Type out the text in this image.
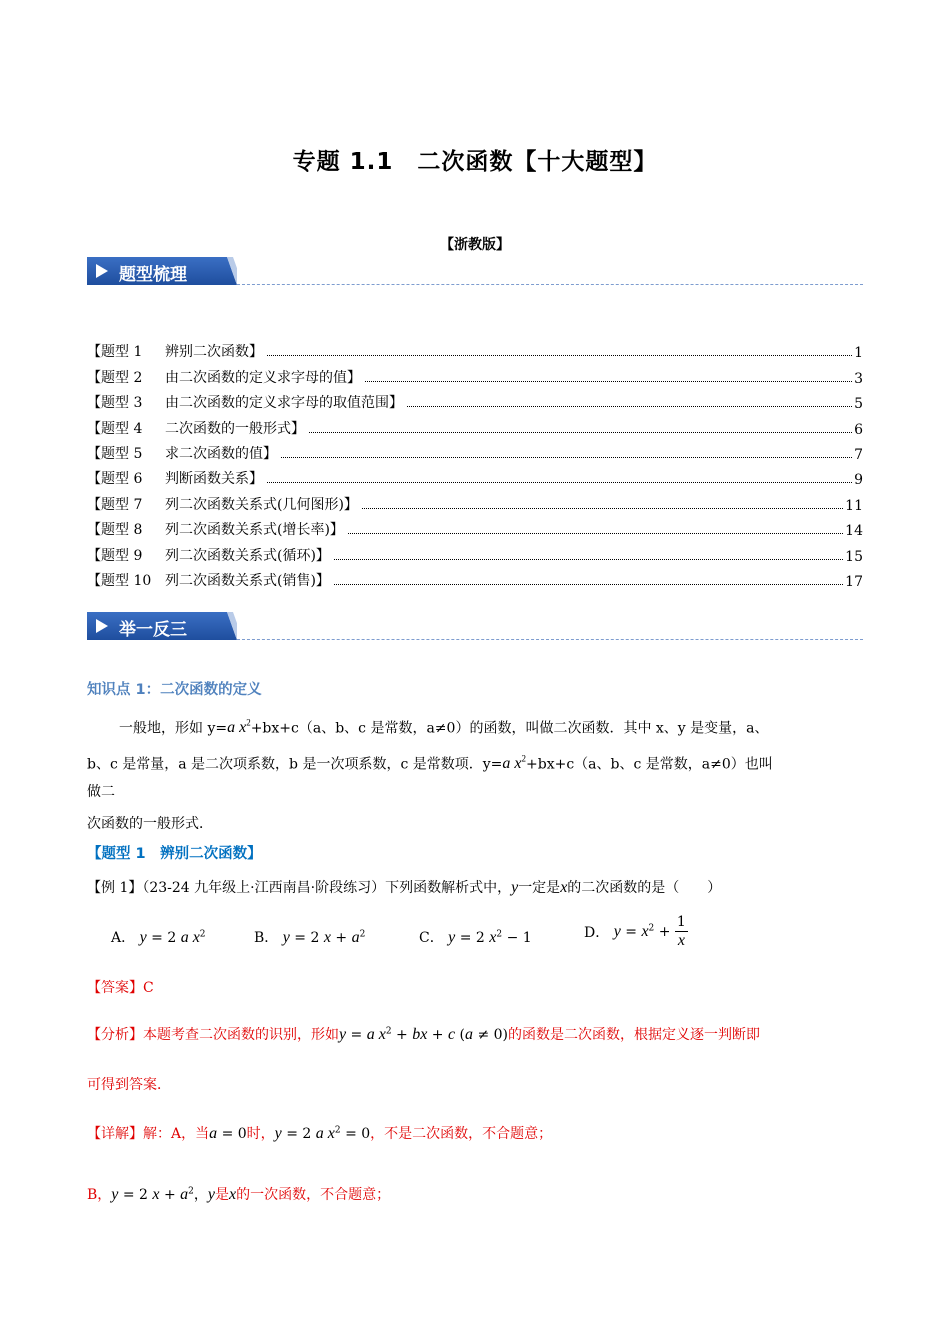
专题 1.1　二次函数【十大题型】
【浙教版】
题型梳理
【题型 1	辨别二次函数】	1
【题型 2	由二次函数的定义求字母的值】	3
【题型 3	由二次函数的定义求字母的取值范围】	5
【题型 4	二次函数的一般形式】	6
【题型 5	求二次函数的值】	7
【题型 6	判断函数关系】	9
【题型 7	列二次函数关系式(几何图形)】	11
【题型 8	列二次函数关系式(增长率)】	14
【题型 9	列二次函数关系式(循环)】	15
【题型 10 列二次函数关系式(销售)】	17
举一反三
知识点 1：二次函数的定义
一般地，形如 y=a $x^2+bx+c(a$、b、c 是常数，a≠0）的函数，叫做二次函数．其中 x、y 是变量，a、
b、c 是常量，a 是二次项系数，b 是一次项系数，c 是常数项．y=a $x^2+bx+c(a$、b、c 是常数，a≠0）也叫
做二
次函数的一般形式．
【题型 1　辨别二次函数】
【例 1】（23-24 九年级上·江西南昌·阶段练习）下列函数解析式中，y一定是x的二次函数的是（　　）
A． y = 2 a $x^2$	B． y = 2 $x + a^2$	C． y = 2 $x^2 - 1$	D． $y = x^2 + \frac{1}{x}$
【答案】C
【分析】本题考查二次函数的识别，形如y = a $x^2$ + bx + c (a ≠ 0)的函数是二次函数，根据定义逐一判断即
可得到答案．
【详解】解：A，当a = 0时，y = 2 a $x^2 = 0$，不是二次函数，不合题意；
B，y = 2 $x + a^2$，y是x的一次函数，不合题意；
